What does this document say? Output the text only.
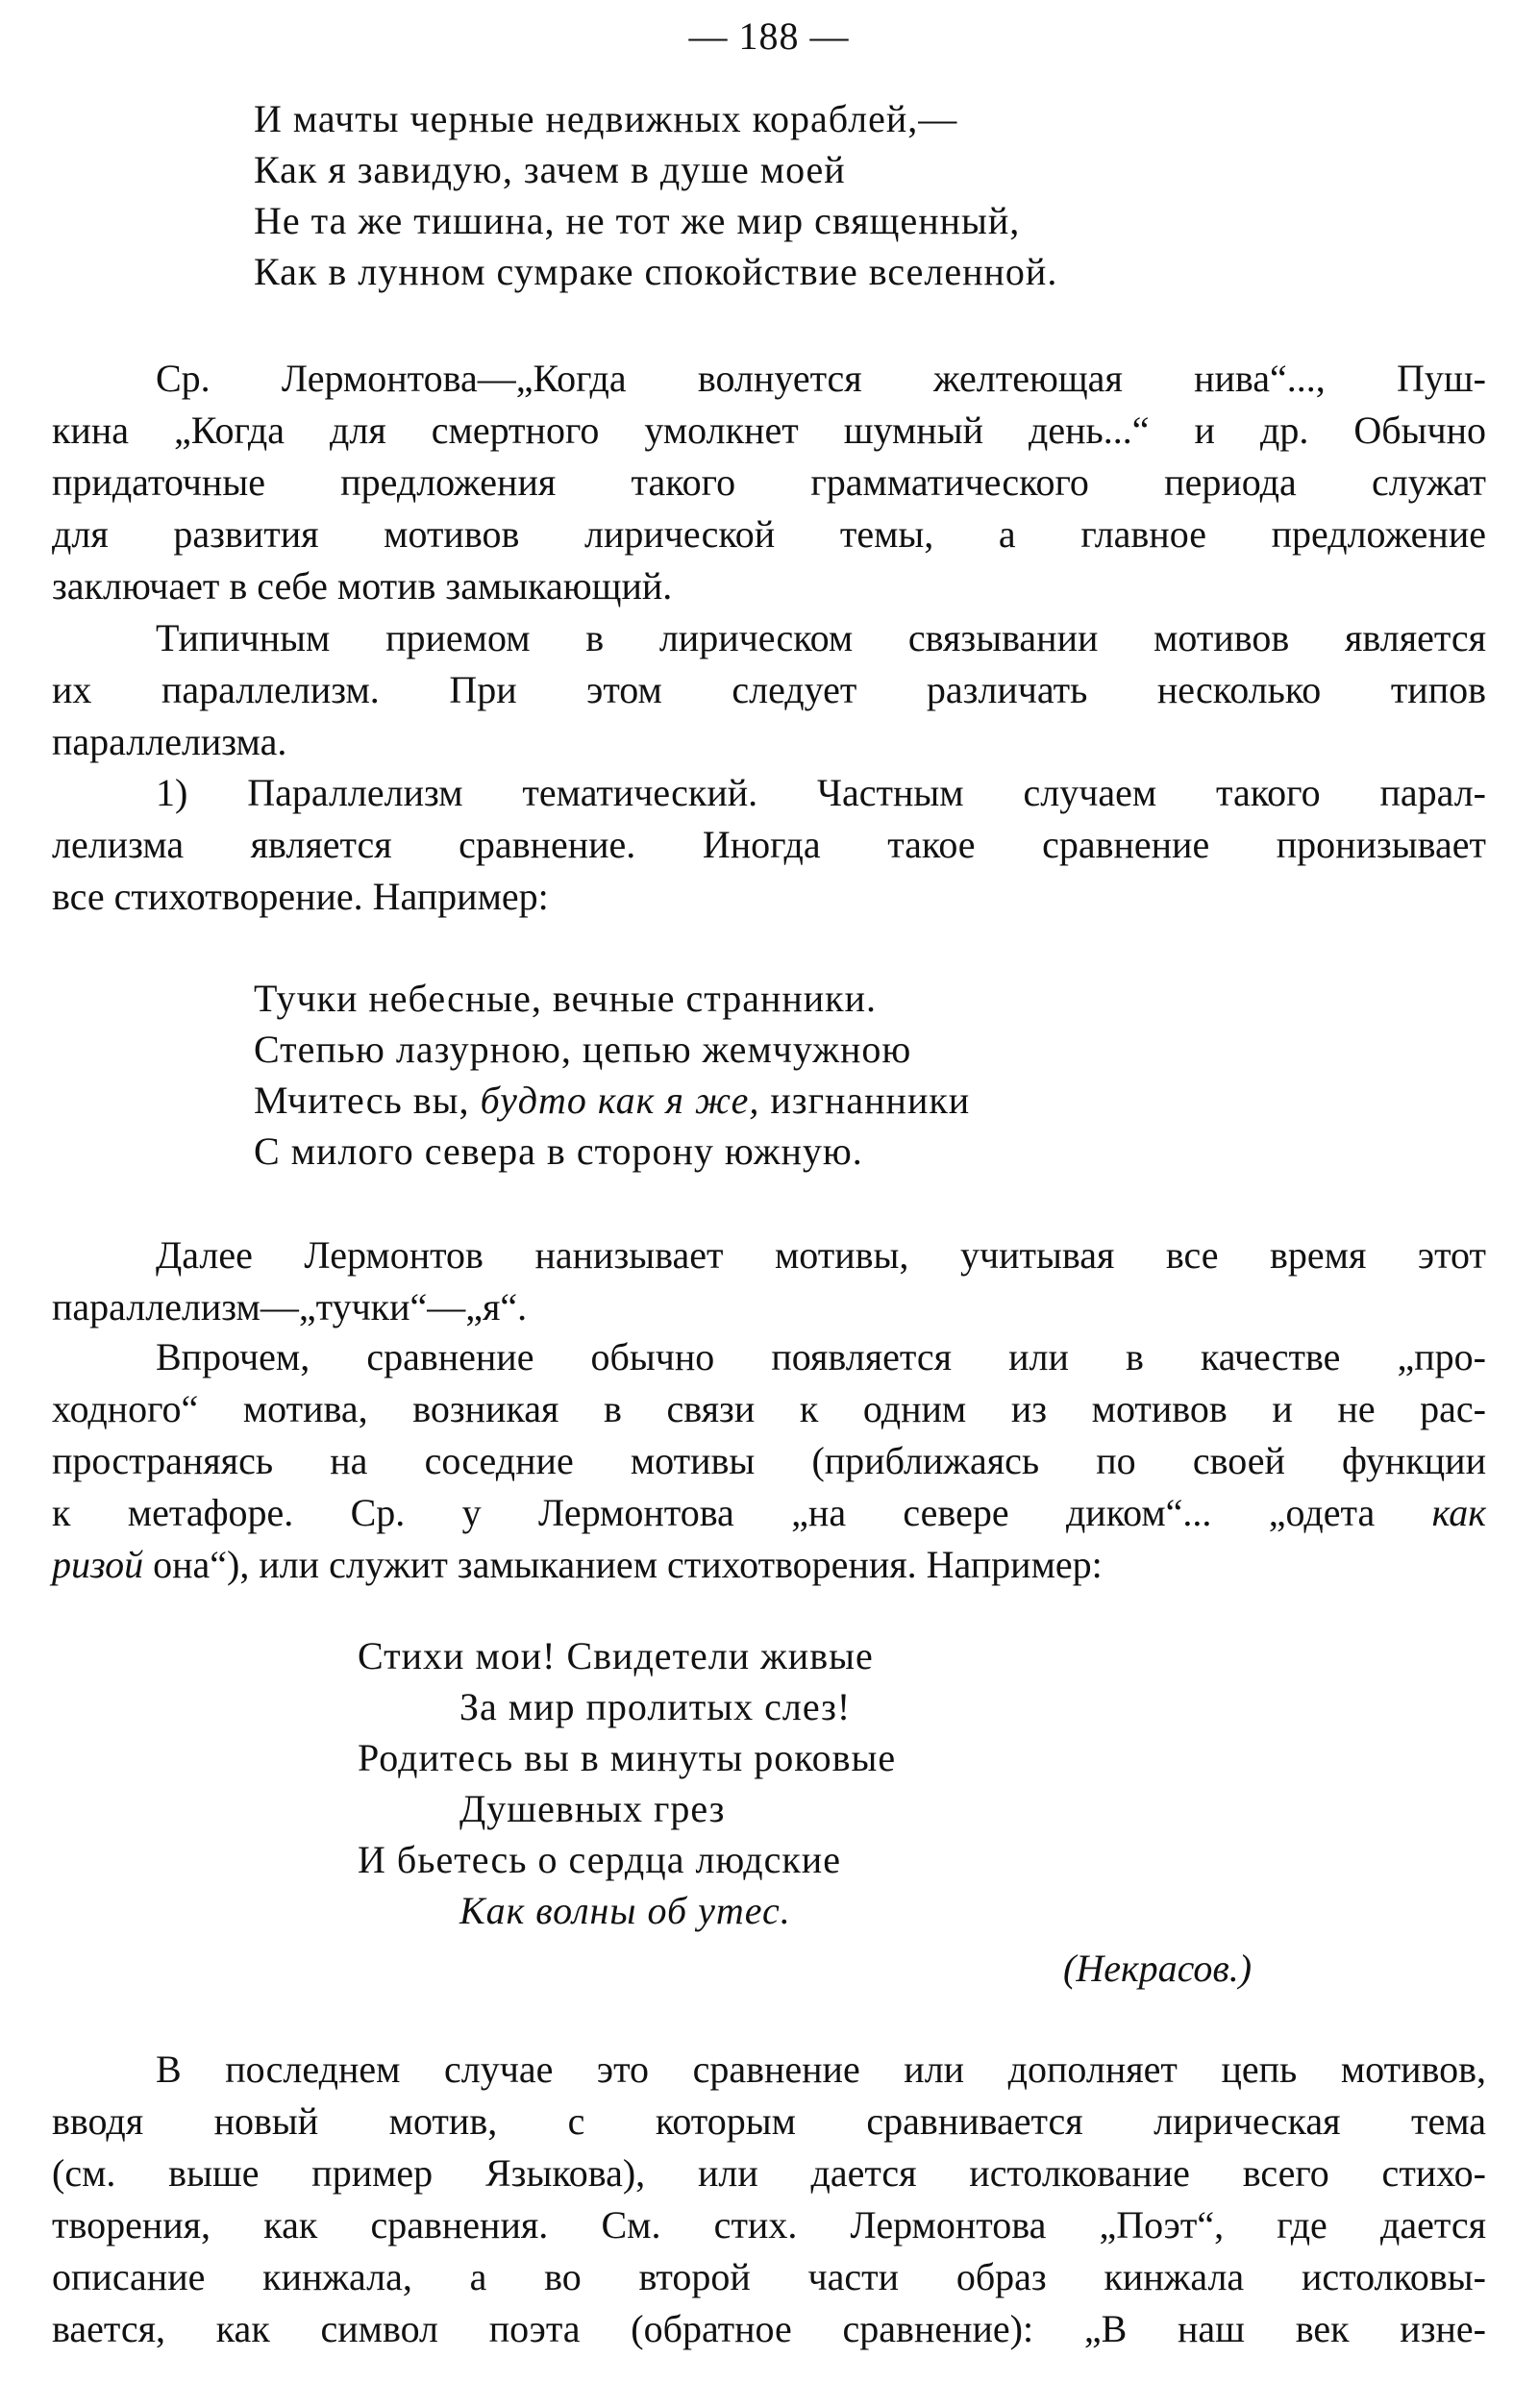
— 188 —
И мачты черные недвижных кораблей,—
Как я завидую, зачем в душе моей
Не та же тишина, не тот же мир священный,
Как в лунном сумраке спокойствие вселенной.
Ср. Лермонтова—„Когда волнуется желтеющая нива“..., Пуш-
кина „Когда для смертного умолкнет шумный день...“ и др. Обычно
придаточные предложения такого грамматического периода служат
для развития мотивов лирической темы, а главное предложение
заключает в себе мотив замыкающий.
Типичным приемом в лирическом связывании мотивов является
их параллелизм. При этом следует различать несколько типов
параллелизма.
1) Параллелизм тематический. Частным случаем такого парал-
лелизма является сравнение. Иногда такое сравнение пронизывает
все стихотворение. Например:
Тучки небесные, вечные странники.
Степью лазурною, цепью жемчужною
Мчитесь вы, будто как я же, изгнанники
С милого севера в сторону южную.
Далее Лермонтов нанизывает мотивы, учитывая все время этот
параллелизм—„тучки“—„я“.
Впрочем, сравнение обычно появляется или в качестве „про-
ходного“ мотива, возникая в связи к одним из мотивов и не рас-
пространяясь на соседние мотивы (приближаясь по своей функции
к метафоре. Ср. у Лермонтова „на севере диком“... „одета как
ризой она“), или служит замыканием стихотворения. Например:
Стихи мои! Свидетели живые
За мир пролитых слез!
Родитесь вы в минуты роковые
Душевных грез
И бьетесь о сердца людские
Как волны об утес.
(Некрасов.)
В последнем случае это сравнение или дополняет цепь мотивов,
вводя новый мотив, с которым сравнивается лирическая тема
(см. выше пример Языкова), или дается истолкование всего стихо-
творения, как сравнения. См. стих. Лермонтова „Поэт“, где дается
описание кинжала, а во второй части образ кинжала истолковы-
вается, как символ поэта (обратное сравнение): „В наш век изне-
